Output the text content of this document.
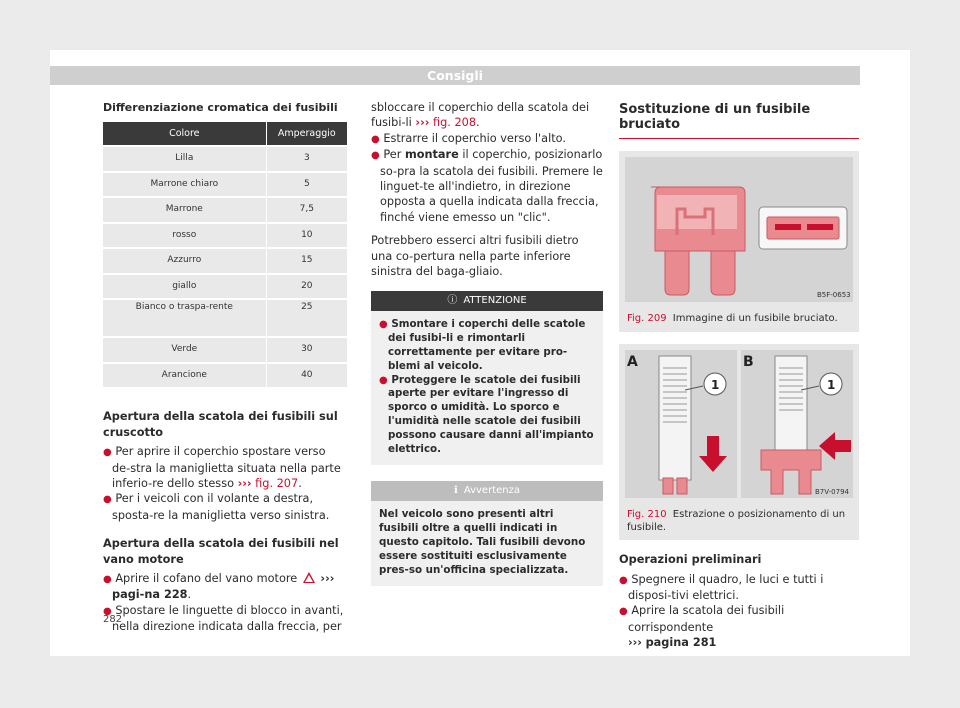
Consigli

Differenziazione cromatica dei fusibili

Colore	Amperaggio
Lilla	3
Marrone chiaro	5
Marrone	7,5
rosso	10
Azzurro	15
giallo	20
Bianco o traspa-rente	25
Verde	30
Arancione	40

Apertura della scatola dei fusibili sul cruscotto

● Per aprire il coperchio spostare verso de-stra la maniglietta situata nella parte inferio-re dello stesso ››› fig. 207.

● Per i veicoli con il volante a destra, sposta-re la maniglietta verso sinistra.

Apertura della scatola dei fusibili nel vano motore

● Aprire il cofano del vano motore  ››› pagi-na 228.

● Spostare le linguette di blocco in avanti, nella direzione indicata dalla freccia, per

sbloccare il coperchio della scatola dei fusibi-li ››› fig. 208.

● Estrarre il coperchio verso l'alto.

● Per montare il coperchio, posizionarlo so-pra la scatola dei fusibili. Premere le linguet-te all'indietro, in direzione opposta a quella indicata dalla freccia, finché viene emesso un "clic".

Potrebbero esserci altri fusibili dietro una co-pertura nella parte inferiore sinistra del baga-gliaio.

ⓘ ATTENZIONE

● Smontare i coperchi delle scatole dei fusibi-li e rimontarli correttamente per evitare pro-blemi al veicolo.

● Proteggere le scatole dei fusibili aperte per evitare l'ingresso di sporco o umidità. Lo sporco e l'umidità nelle scatole dei fusibili possono causare danni all'impianto elettrico.

ℹ Avvertenza
Nel veicolo sono presenti altri fusibili oltre a quelli indicati in questo capitolo. Tali fusibili devono essere sostituiti esclusivamente pres-so un'officina specializzata.
Sostituzione di un fusibile bruciato
B5F-0653
Fig. 209 Immagine di un fusibile bruciato.
A	B
1	1
B7V-0794
Fig. 210 Estrazione o posizionamento di un fusibile.

Operazioni preliminari

● Spegnere il quadro, le luci e tutti i disposi-tivi elettrici.

● Aprire la scatola dei fusibili corrispondente
››› pagina 281

282
